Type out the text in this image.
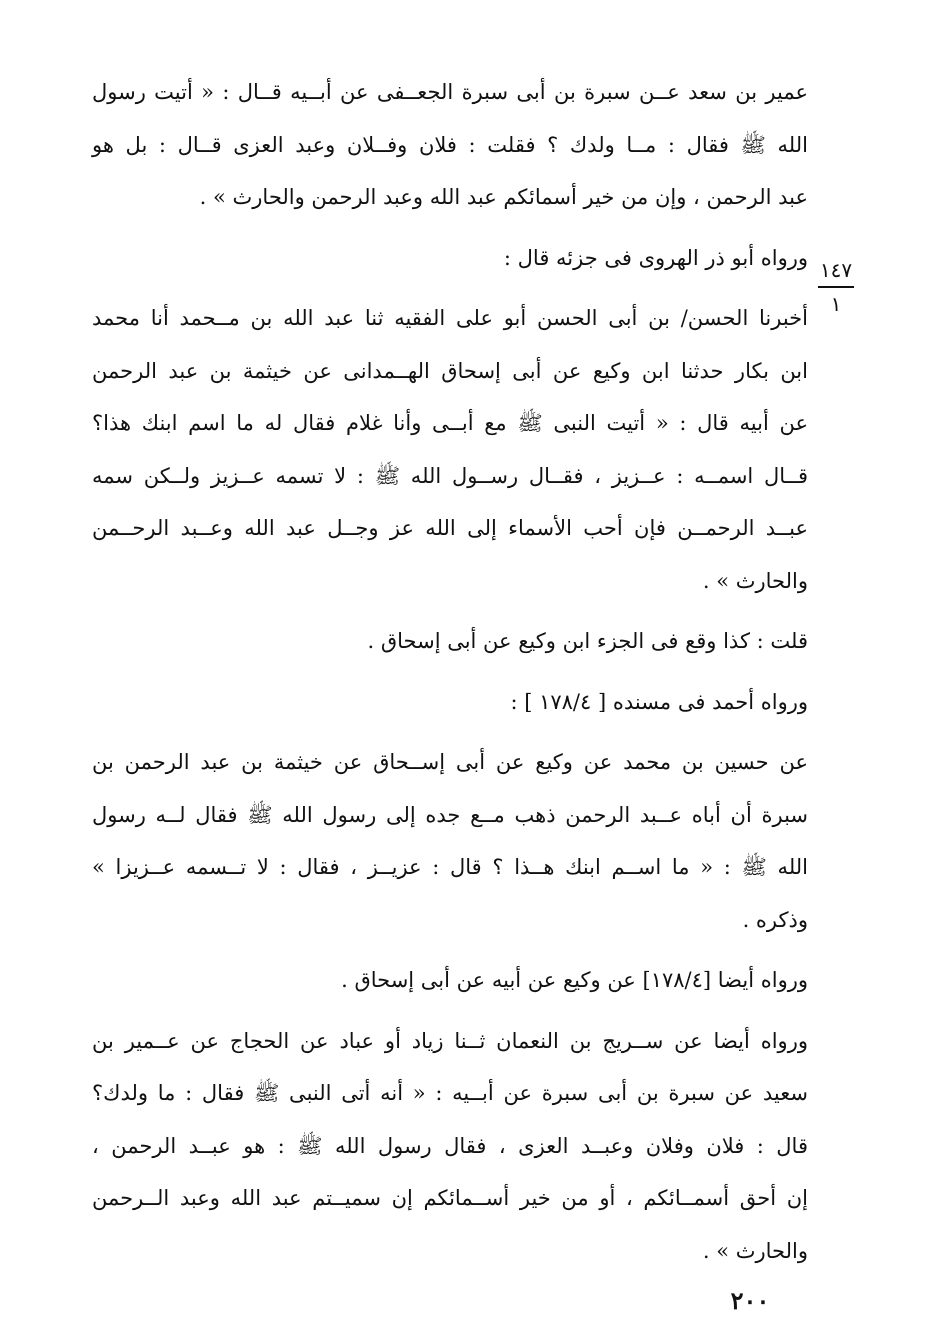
١٤٧
١
عمير بن سعد عــن سبرة بن أبى سبرة الجعــفى عن أبــيه قــال : « أتيت رسول
الله ﷺ فقال : مــا ولدك ؟ فقلت : فلان وفــلان وعبد العزى قــال : بل هو
عبد الرحمن ، وإن من خير أسمائكم عبد الله وعبد الرحمن والحارث » .
ورواه أبو ذر الهروى فى جزئه قال :
أخبرنا الحسن/ بن أبى الحسن أبو على الفقيه ثنا عبد الله بن مــحمد أنا محمد
ابن بكار حدثنا ابن وكيع عن أبى إسحاق الهــمدانى عن خيثمة بن عبد الرحمن
عن أبيه قال : « أتيت النبى ﷺ مع أبــى وأنا غلام فقال له ما اسم ابنك هذا؟
قــال اسمــه : عــزيز ، فقــال رســول الله ﷺ : لا تسمه عــزيز ولــكن سمه
عبــد الرحمــن فإن أحب الأسماء إلى الله عز وجــل عبد الله وعــبد الرحــمن
والحارث » .
قلت : كذا وقع فى الجزء ابن وكيع عن أبى إسحاق .
ورواه أحمد فى مسنده [ ١٧٨/٤ ] :
عن حسين بن محمد عن وكيع عن أبى إســحاق عن خيثمة بن عبد الرحمن بن
سبرة أن أباه عــبد الرحمن ذهب مــع جده إلى رسول الله ﷺ فقال لــه رسول
الله ﷺ : « ما اســم ابنك هــذا ؟ قال : عزيــز ، فقال : لا تــسمه عــزيزا »
وذكره .
ورواه أيضا [١٧٨/٤] عن وكيع عن أبيه عن أبى إسحاق .
ورواه أيضا عن ســريج بن النعمان ثــنا زياد أو عباد عن الحجاج عن عــمير بن
سعيد عن سبرة بن أبى سبرة عن أبــيه : « أنه أتى النبى ﷺ فقال : ما ولدك؟
قال : فلان وفلان وعبــد العزى ، فقال رسول الله ﷺ : هو عبــد الرحمن ،
إن أحق أسمــائكم ، أو من خير أســمائكم إن سميــتم عبد الله وعبد الــرحمن
والحارث » .
٢٠٠
